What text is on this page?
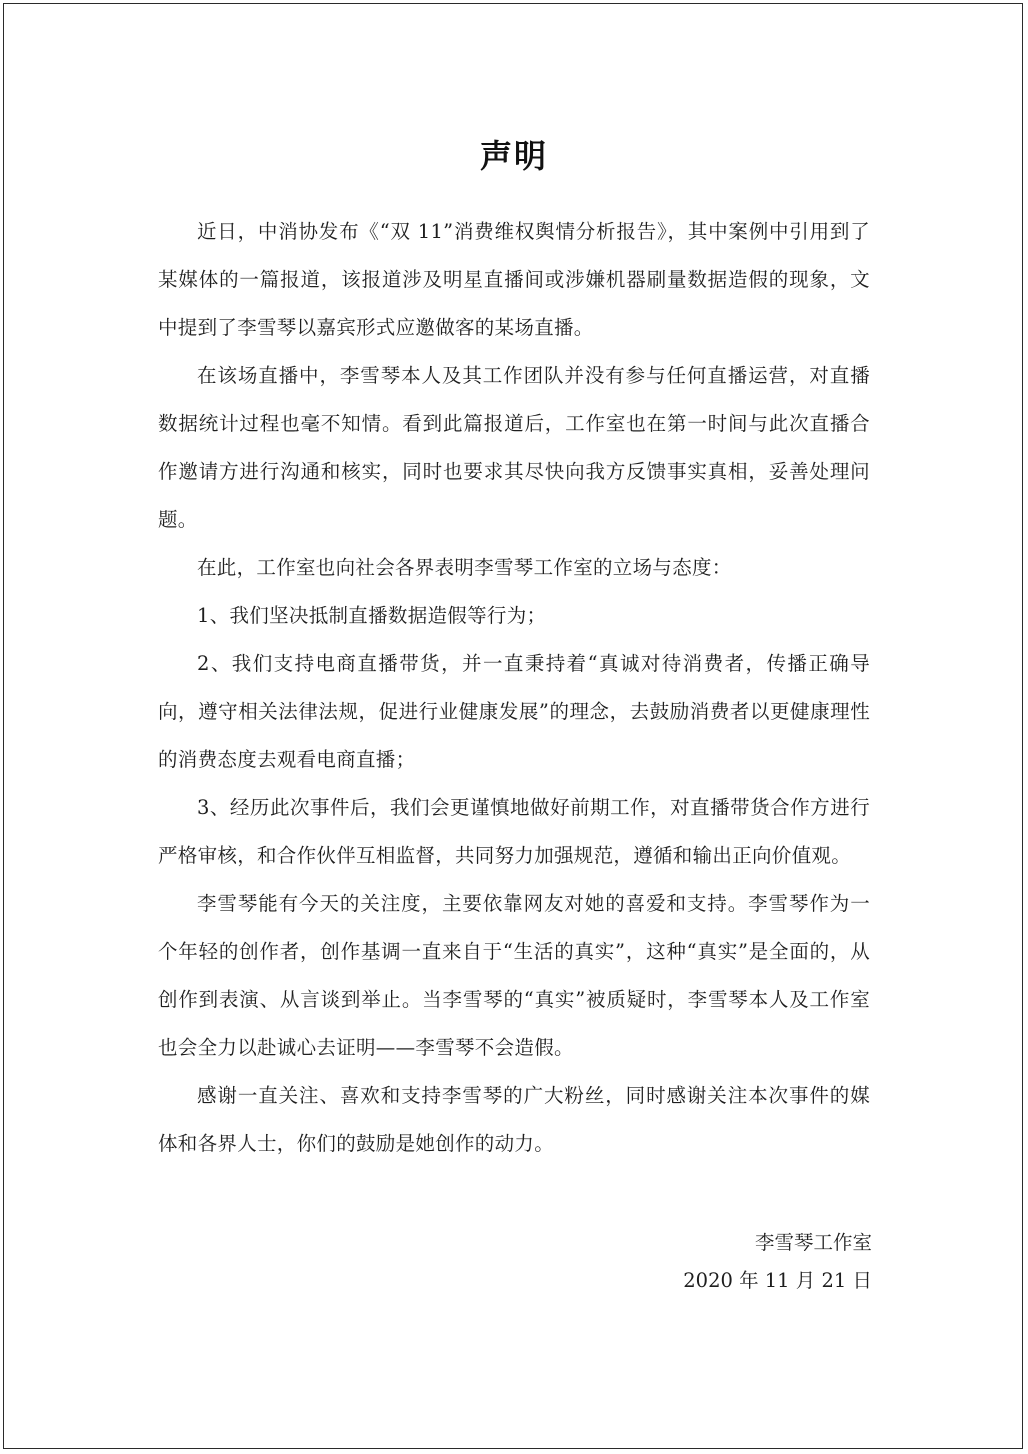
声明

近日，中消协发布《“双 11”消费维权舆情分析报告》，其中案例中引用到了某媒体的一篇报道，该报道涉及明星直播间或涉嫌机器刷量数据造假的现象，文中提到了李雪琴以嘉宾形式应邀做客的某场直播。

在该场直播中，李雪琴本人及其工作团队并没有参与任何直播运营，对直播数据统计过程也毫不知情。看到此篇报道后，工作室也在第一时间与此次直播合作邀请方进行沟通和核实，同时也要求其尽快向我方反馈事实真相，妥善处理问题。

在此，工作室也向社会各界表明李雪琴工作室的立场与态度：

1、我们坚决抵制直播数据造假等行为；

2、我们支持电商直播带货，并一直秉持着“真诚对待消费者，传播正确导向，遵守相关法律法规，促进行业健康发展”的理念，去鼓励消费者以更健康理性的消费态度去观看电商直播；

3、经历此次事件后，我们会更谨慎地做好前期工作，对直播带货合作方进行严格审核，和合作伙伴互相监督，共同努力加强规范，遵循和输出正向价值观。

李雪琴能有今天的关注度，主要依靠网友对她的喜爱和支持。李雪琴作为一个年轻的创作者，创作基调一直来自于“生活的真实”，这种“真实”是全面的，从创作到表演、从言谈到举止。当李雪琴的“真实”被质疑时，李雪琴本人及工作室也会全力以赴诚心去证明——李雪琴不会造假。

感谢一直关注、喜欢和支持李雪琴的广大粉丝，同时感谢关注本次事件的媒体和各界人士，你们的鼓励是她创作的动力。

李雪琴工作室
2020 年 11 月 21 日
